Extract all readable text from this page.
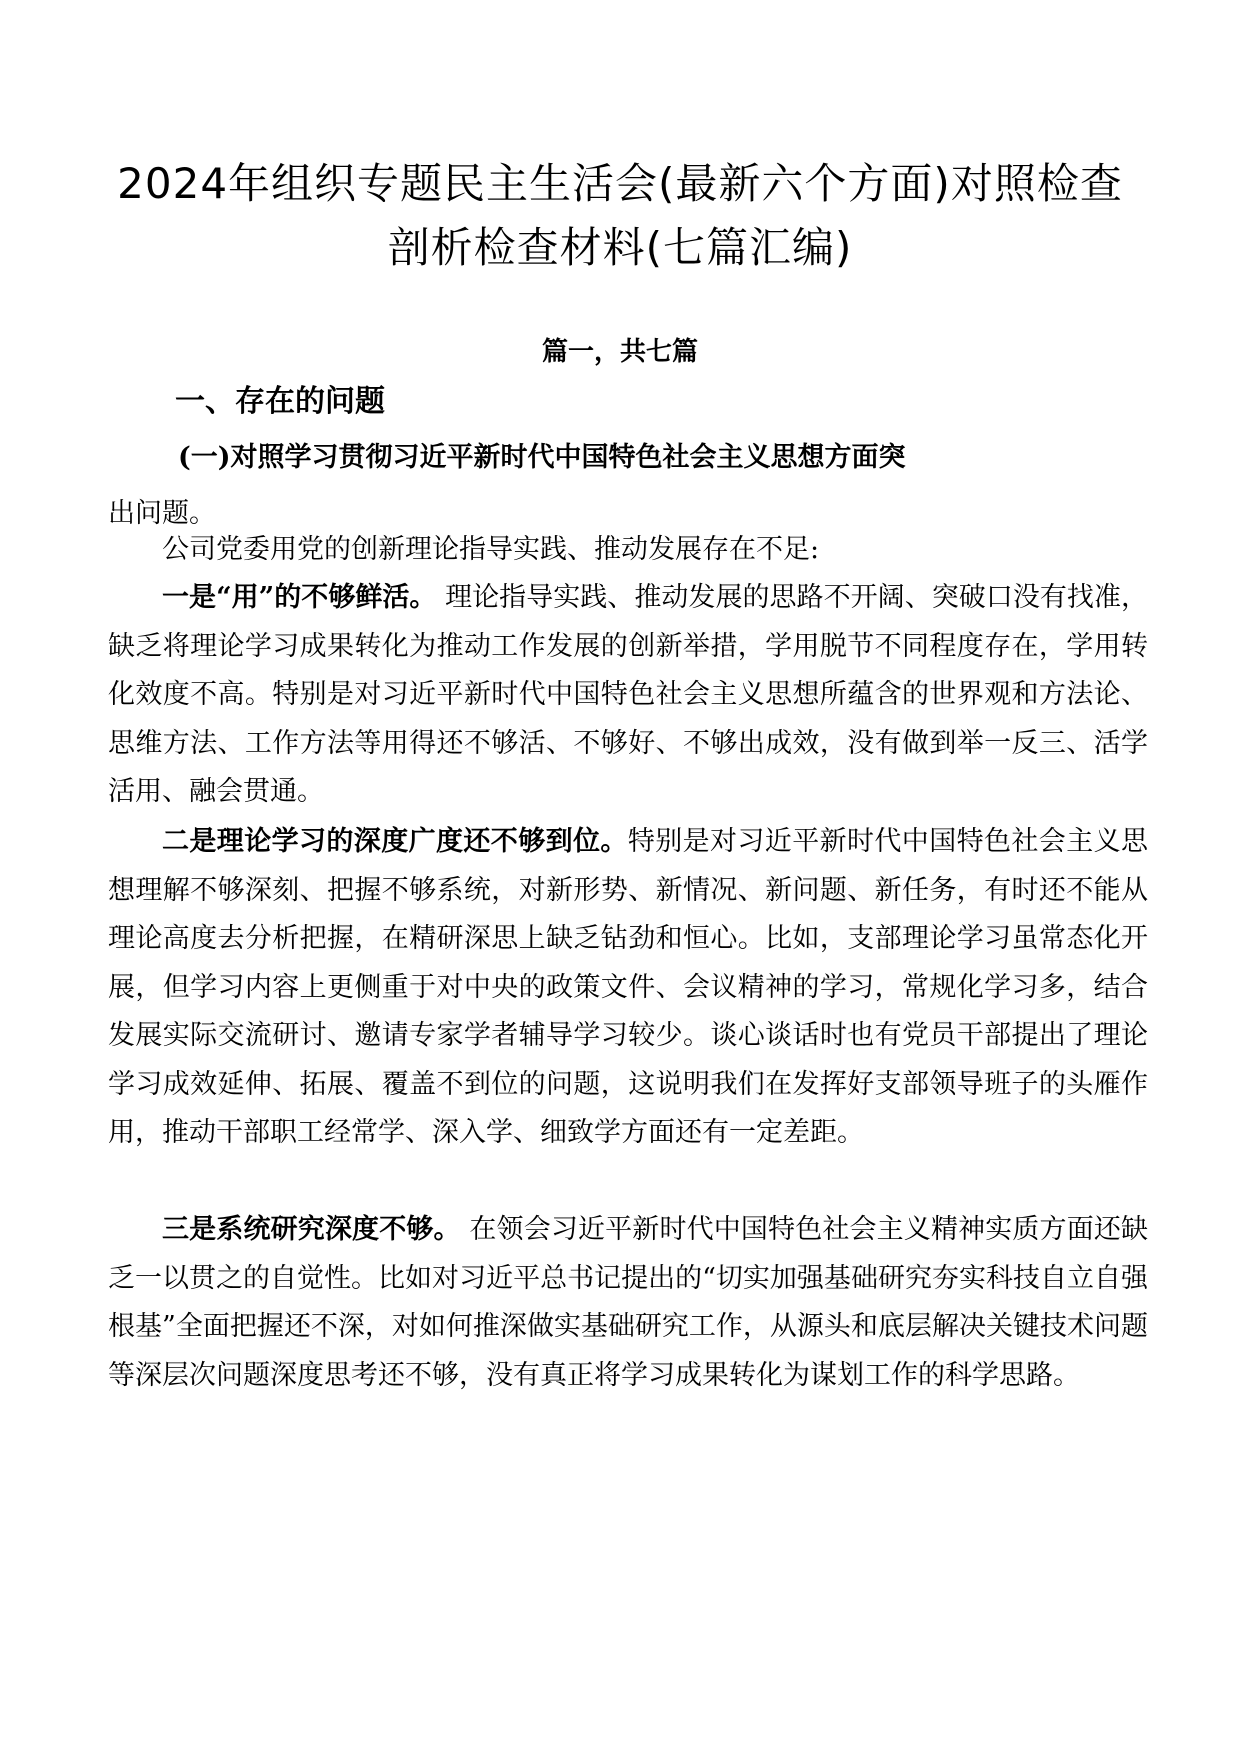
2024年组织专题民主生活会(最新六个方面)对照检查剖析检查材料(七篇汇编)
篇一，共七篇
一、存在的问题
(一)对照学习贯彻习近平新时代中国特色社会主义思想方面突
出问题。

公司党委用党的创新理论指导实践、推动发展存在不足:

一是“用”的不够鲜活。 理论指导实践、推动发展的思路不开阔、突破口没有找准，缺乏将理论学习成果转化为推动工作发展的创新举措，学用脱节不同程度存在，学用转化效度不高。特别是对习近平新时代中国特色社会主义思想所蕴含的世界观和方法论、思维方法、工作方法等用得还不够活、不够好、不够出成效，没有做到举一反三、活学活用、融会贯通。

二是理论学习的深度广度还不够到位。特别是对习近平新时代中国特色社会主义思想理解不够深刻、把握不够系统，对新形势、新情况、新问题、新任务，有时还不能从理论高度去分析把握，在精研深思上缺乏钻劲和恒心。比如，支部理论学习虽常态化开展，但学习内容上更侧重于对中央的政策文件、会议精神的学习，常规化学习多，结合发展实际交流研讨、邀请专家学者辅导学习较少。谈心谈话时也有党员干部提出了理论学习成效延伸、拓展、覆盖不到位的问题，这说明我们在发挥好支部领导班子的头雁作用，推动干部职工经常学、深入学、细致学方面还有一定差距。

三是系统研究深度不够。 在领会习近平新时代中国特色社会主义精神实质方面还缺乏一以贯之的自觉性。比如对习近平总书记提出的“切实加强基础研究夯实科技自立自强根基”全面把握还不深，对如何推深做实基础研究工作，从源头和底层解决关键技术问题等深层次问题深度思考还不够，没有真正将学习成果转化为谋划工作的科学思路。
